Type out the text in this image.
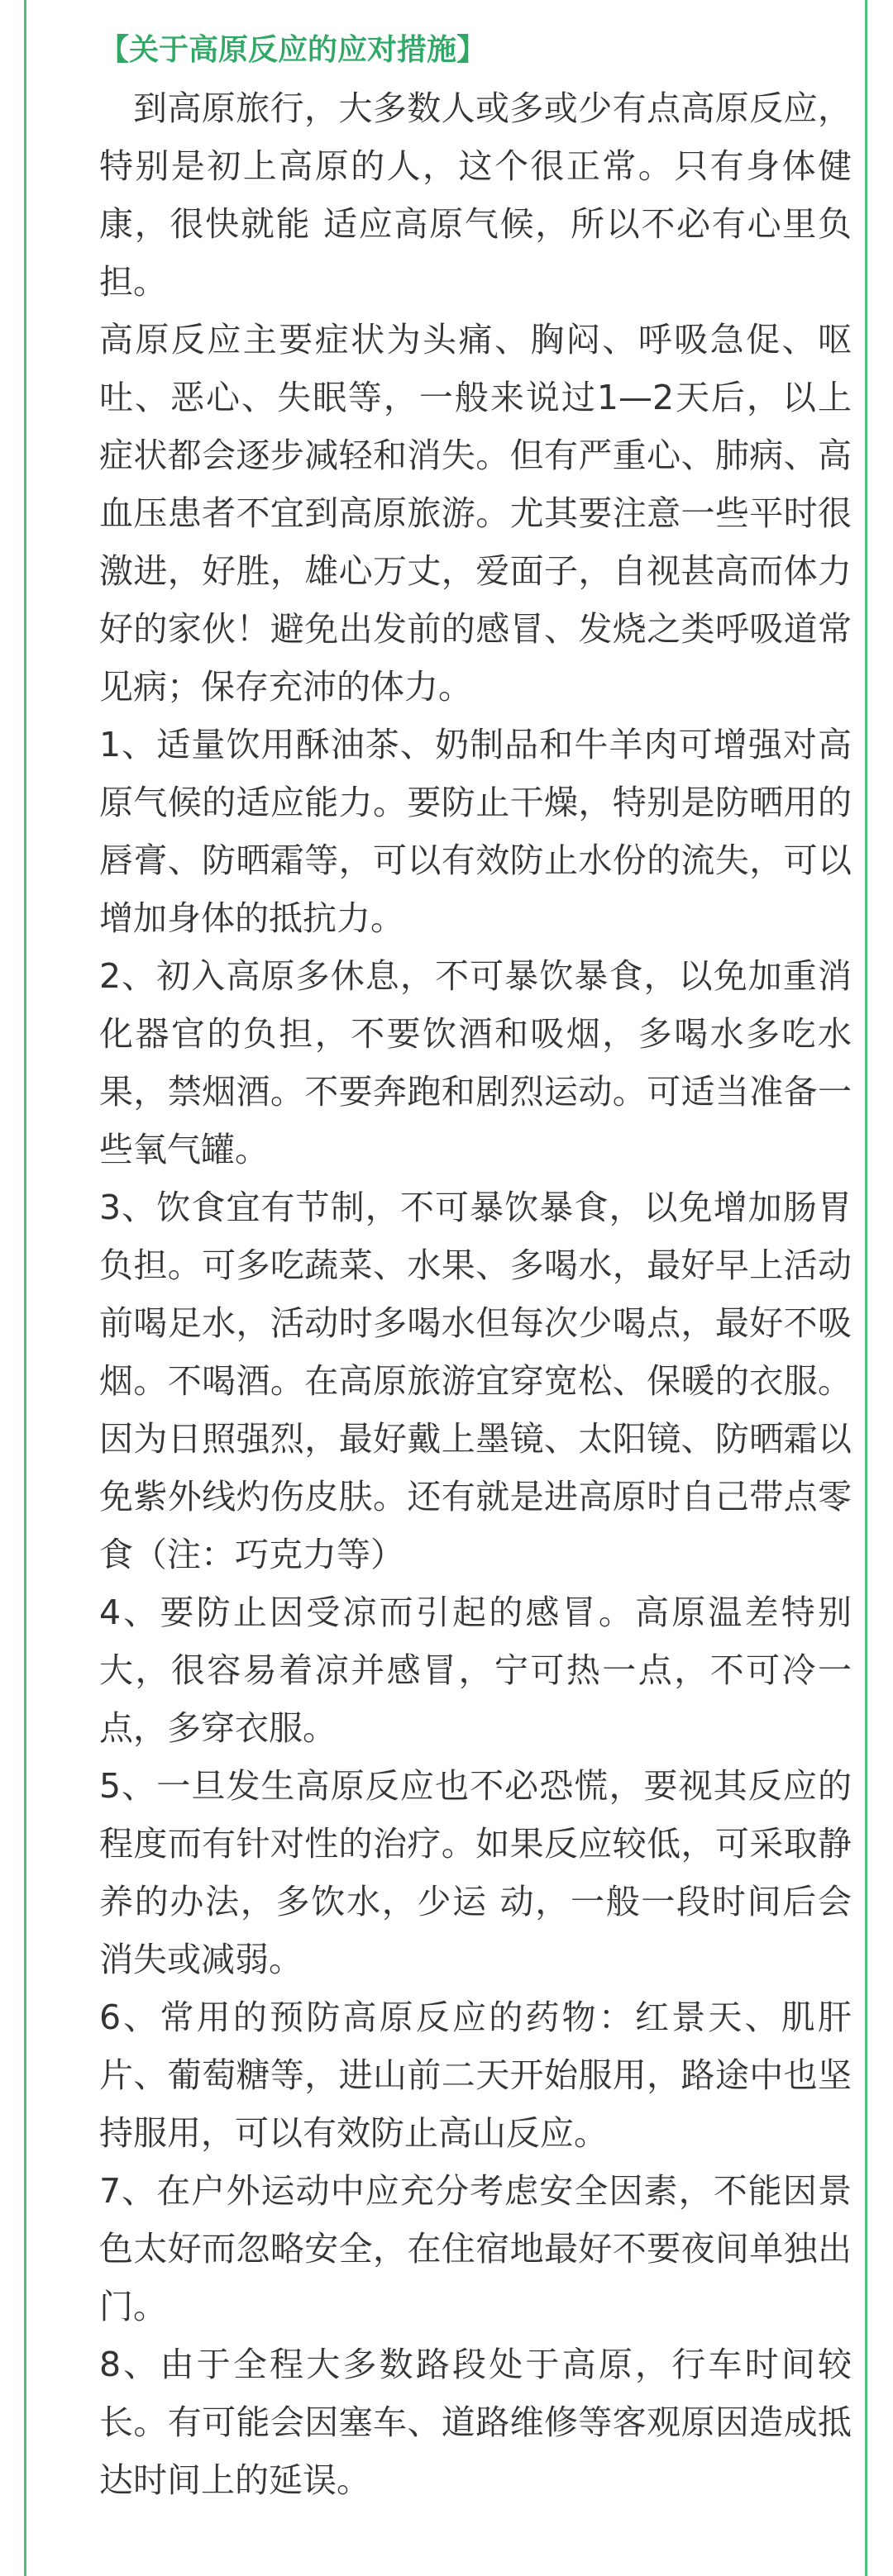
【关于高原反应的应对措施】

到高原旅行，大多数人或多或少有点高原反应，特别是初上高原的人，这个很正常。只有身体健康，很快就能 适应高原气候，所以不必有心里负担。

高原反应主要症状为头痛、胸闷、呼吸急促、呕吐、恶心、失眠等，一般来说过1—2天后，以上症状都会逐步减轻和消失。但有严重心、肺病、高血压患者不宜到高原旅游。尤其要注意一些平时很激进，好胜，雄心万丈，爱面子，自视甚高而体力好的家伙！避免出发前的感冒、发烧之类呼吸道常见病；保存充沛的体力。

1、适量饮用酥油茶、奶制品和牛羊肉可增强对高原气候的适应能力。要防止干燥，特别是防晒用的唇膏、防晒霜等，可以有效防止水份的流失，可以增加身体的抵抗力。

2、初入高原多休息，不可暴饮暴食，以免加重消化器官的负担，不要饮酒和吸烟，多喝水多吃水果，禁烟酒。不要奔跑和剧烈运动。可适当准备一些氧气罐。

3、饮食宜有节制，不可暴饮暴食，以免增加肠胃负担。可多吃蔬菜、水果、多喝水，最好早上活动前喝足水，活动时多喝水但每次少喝点，最好不吸烟。不喝酒。在高原旅游宜穿宽松、保暖的衣服。因为日照强烈，最好戴上墨镜、太阳镜、防晒霜以免紫外线灼伤皮肤。还有就是进高原时自己带点零食（注：巧克力等）

4、要防止因受凉而引起的感冒。高原温差特别大，很容易着凉并感冒，宁可热一点，不可冷一点，多穿衣服。

5、一旦发生高原反应也不必恐慌，要视其反应的程度而有针对性的治疗。如果反应较低，可采取静养的办法，多饮水，少运 动，一般一段时间后会消失或减弱。

6、常用的预防高原反应的药物：红景天、肌肝片、葡萄糖等，进山前二天开始服用，路途中也坚持服用，可以有效防止高山反应。

7、在户外运动中应充分考虑安全因素，不能因景色太好而忽略安全，在住宿地最好不要夜间单独出门。

8、由于全程大多数路段处于高原，行车时间较长。有可能会因塞车、道路维修等客观原因造成抵达时间上的延误。
